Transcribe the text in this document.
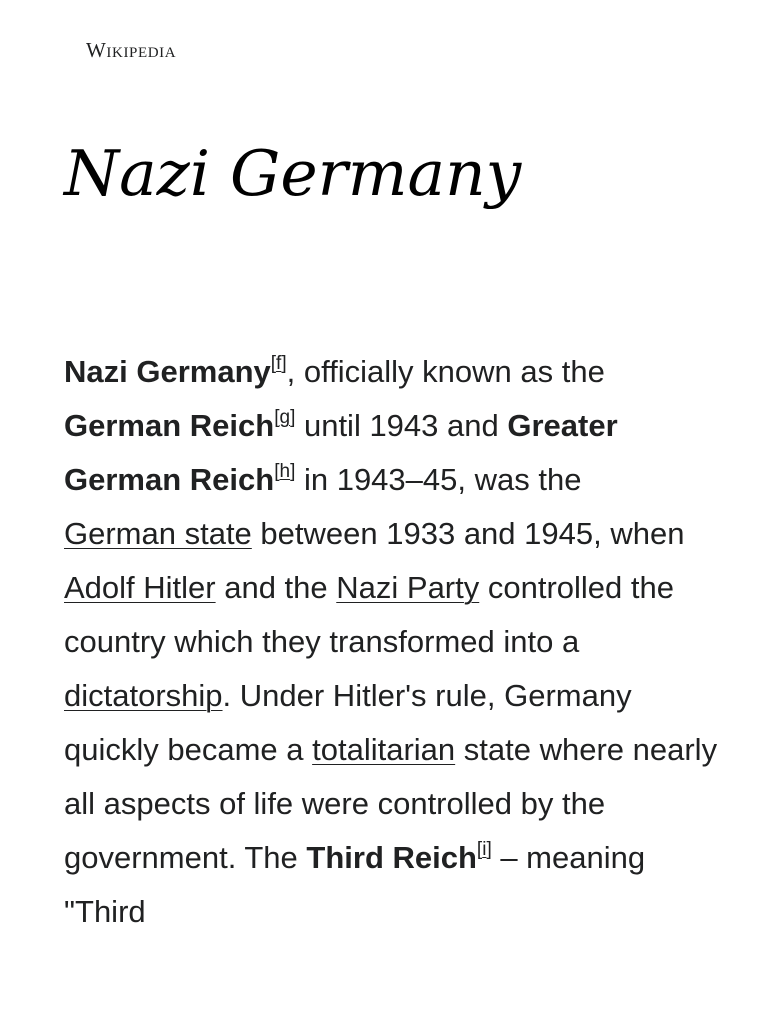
Wikipedia
Nazi Germany

Nazi Germany[f], officially known as the
German Reich[g] until 1943 and Greater German Reich[h] in 1943–45, was the
German state between 1933 and 1945, when Adolf Hitler and the Nazi Party controlled the country which they transformed into a dictatorship. Under Hitler's rule, Germany quickly became a totalitarian state where nearly all aspects of life were controlled by the government. The Third Reich[i] – meaning "Third
